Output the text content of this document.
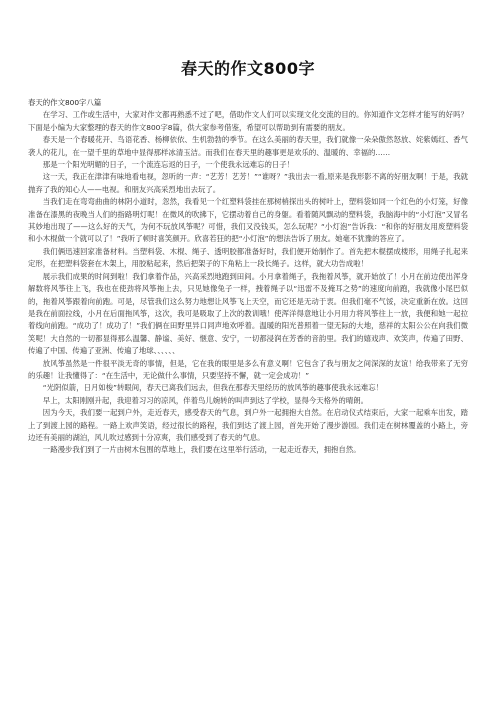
春天的作文800字

春天的作文800字八篇

在学习、工作或生活中，大家对作文都再熟悉不过了吧，借助作文人们可以实现文化交流的目的。你知道作文怎样才能写的好吗？下面是小编为大家整理的春天的作文800字8篇，供大家参考借鉴，希望可以帮助到有需要的朋友。

春天是一个春暖花开、鸟语花香、杨柳依依、生机勃勃的季节。在这么美丽的春天里，我们就像一朵朵傲然怒放、姹紫嫣红、香气袭人的花儿，在一望千里的草地中显得那样冰清玉洁。而我们在春天里的趣事更是欢乐的、温暖的、幸福的……

那是一个阳光明媚的日子，一个流连忘返的日子，一个使我永远难忘的日子！

这一天，我正在津津有味地看电视，忽听的一声：“艺芳！艺芳！”“谁呀？”我出去一看,原来是我形影不离的好朋友啊！于是，我就抛弃了我的知心人——电视。和朋友兴高采烈地出去玩了。

当我们走在弯弯曲曲的林阴小道时，忽然，我看见一个红塑料袋挂在那树梢探出头的树叶上，塑料袋如同一个红色的小灯笼，好像准备在漆黑的夜晚当人们的指路明灯呢！在微风的吹拂下，它摆动着自己的身躯。看着随风飘动的塑料袋，我脑海中的“小灯泡”又冒名其妙地出现了——这么好的天气，为何不玩放风筝呢？可惜，我们又没钱买，怎么玩呢？“小灯泡”告诉我：“和你的好朋友用废塑料袋和小木棍做一个就可以了！”我听了顿时喜笑颜开。欣喜若狂的把“小灯泡”的想法告诉了朋友。她毫不犹豫的答应了。

我们俩迅速回家准备材料。当塑料袋、木棍、绳子、透明胶都准备好时，我们便开始制作了。首先把木棍摆成楼形，用绳子扎起来定形，在把塑料袋套在木架上，用胶粘起来，然后把架子的下角粘上一段长绳子。这样，就大功告成啦！

展示我们成果的时间到啦！我们拿着作品，兴高采烈地跑到田间。小月拿着绳子，我拖着风筝，就开始放了！小月在前边使出浑身解数将风筝往上飞，我也在使劲将风筝拖上去，只见她像兔子一样，拽着绳子以“迅雷不及掩耳之势”的速度向前跑，我就像小尾巴似的，拖着风筝跟着向前跑。可是，尽管我们这么努力地想让风筝飞上天空，而它还是无动于衷。但我们毫不气馁，决定重新在放。这回是我在前面拉线，小月在后面拖风筝，这次，我可是吸取了上次的教训哦！使浑洋得意地让小月用力将风筝往上一放，我便和她一起拉着线向前跑。“成功了！成功了！”我们俩在田野里异口同声地欢呼着。温暖的阳光普照着一望无际的大地，慈祥的太阳公公在向我们微笑呢！大自然的一切都显得那么温馨、静谧、美好、惬意、安宁，一切都浸润在芳香的音韵里。我们的嬉戏声、欢笑声，传遍了田野、传遍了中国、传遍了亚洲、传遍了地球、、、、、、

放风筝虽然是一件很平淡无奇的事情，但是，它在我的眼里是多么有意义啊！它包含了我与朋友之间深深的友谊！给我带来了无穷的乐趣！让我懂得了：“在生活中，无论做什么事情，只要坚持不懈，就一定会成功！”

“光阴似箭，日月如梭”转眼间，春天已离我们远去，但我在那春天里经历的放风筝的趣事使我永远难忘！

早上，太阳刚刚升起，我迎着习习的凉风，伴着鸟儿婉转的叫声到达了学校，显得今天格外的晴朗。

因为今天，我们要一起到户外，走近春天，感受春天的气息，到户外一起拥抱大自然。在启动仪式结束后，大家一起乘车出发，踏上了到渡上园的路程。一路上欢声笑语，经过很长的路程，我们到达了渡上园，首先开始了漫步游园。我们走在树林覆盖的小路上，旁边还有美丽的湖泊，风儿吹过感到十分凉爽，我们感受到了春天的气息。

一路漫步我们到了一片由树木包围的草地上，我们要在这里举行活动，一起走近春天，拥抱自然。
